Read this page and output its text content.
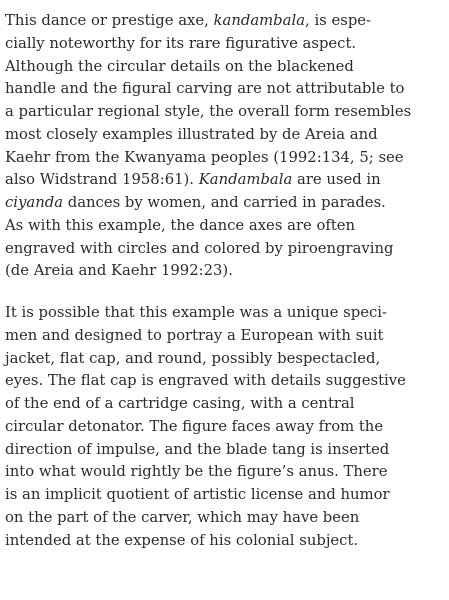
This dance or prestige axe, kandambala, is espe-
cially noteworthy for its rare figurative aspect.
Although the circular details on the blackened
handle and the figural carving are not attributable to
a particular regional style, the overall form resembles
most closely examples illustrated by de Areia and
Kaehr from the Kwanyama peoples (1992:134, 5; see
also Widstrand 1958:61). Kandambala are used in
ciyanda dances by women, and carried in parades.
As with this example, the dance axes are often
engraved with circles and colored by piroengraving
(de Areia and Kaehr 1992:23).

It is possible that this example was a unique speci-
men and designed to portray a European with suit
jacket, flat cap, and round, possibly bespectacled,
eyes. The flat cap is engraved with details suggestive
of the end of a cartridge casing, with a central
circular detonator. The figure faces away from the
direction of impulse, and the blade tang is inserted
into what would rightly be the figure’s anus. There
is an implicit quotient of artistic license and humor
on the part of the carver, which may have been
intended at the expense of his colonial subject.
